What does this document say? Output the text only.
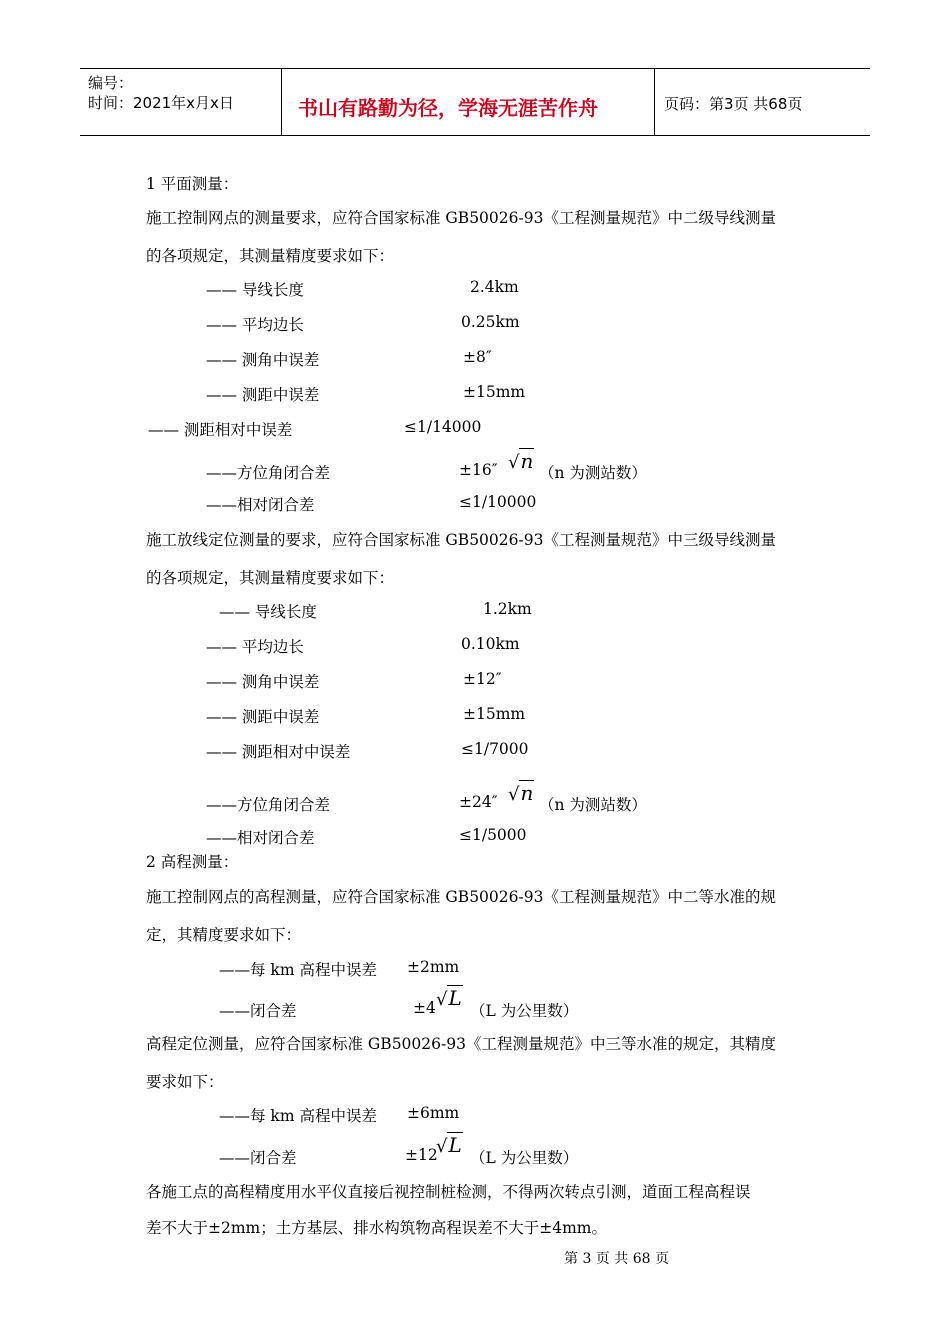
编号：
时间：2021年x月x日	书山有路勤为径，学海无涯苦作舟	页码：第3页 共68页
1 平面测量：
施工控制网点的测量要求，应符合国家标准 GB50026-93《工程测量规范》中二级导线测量
的各项规定，其测量精度要求如下：
—— 导线长度	2.4km
—— 平均边长	0.25km
—— 测角中误差	±8″
—— 测距中误差	±15mm
—— 测距相对中误差	≤1/14000
——方位角闭合差	±16″ √n （n 为测站数）
——相对闭合差	≤1/10000
施工放线定位测量的要求，应符合国家标准 GB50026-93《工程测量规范》中三级导线测量
的各项规定，其测量精度要求如下：
—— 导线长度	1.2km
—— 平均边长	0.10km
—— 测角中误差	±12″
—— 测距中误差	±15mm
—— 测距相对中误差	≤1/7000
——方位角闭合差	±24″ √n （n 为测站数）
——相对闭合差	≤1/5000
2 高程测量：
施工控制网点的高程测量，应符合国家标准 GB50026-93《工程测量规范》中二等水准的规
定，其精度要求如下：
——每 km 高程中误差 ±2mm
——闭合差	±4 √L
（L 为公里数）
高程定位测量，应符合国家标准 GB50026-93《工程测量规范》中三等水准的规定，其精度
要求如下：
——每 km 高程中误差 ±6mm
——闭合差	±12
√L
（L 为公里数）
各施工点的高程精度用水平仪直接后视控制桩检测，不得两次转点引测，道面工程高程误
差不大于±2mm；土方基层、排水构筑物高程误差不大于±4mm。
第 3 页 共 68 页
